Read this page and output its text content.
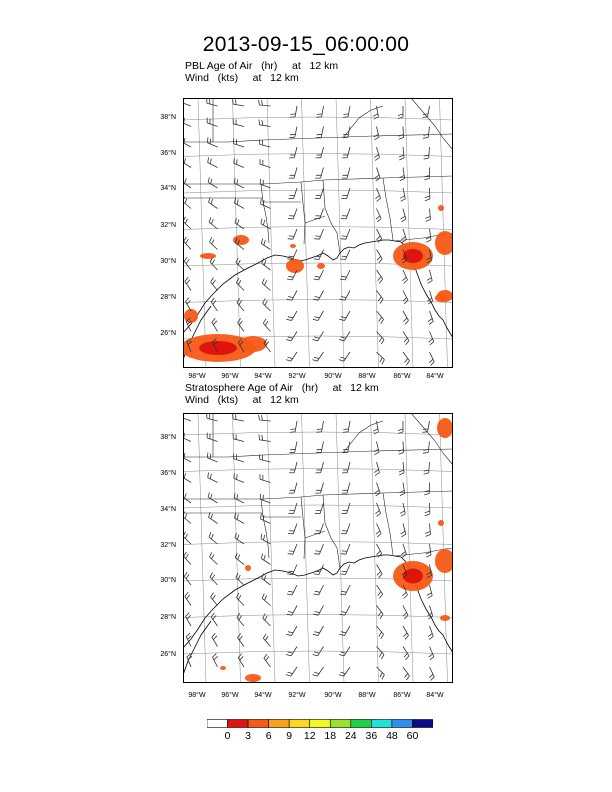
2013-09-15_06:00:00
PBL Age of Air   (hr)     at   12 km
Wind   (kts)     at   12 km
Stratosphere Age of Air   (hr)     at   12 km
Wind   (kts)     at   12 km
38°N
36°N
34°N
32°N
30°N
28°N
26°N
98°W	96°W	94°W	92°W	90°W	88°W	86°W	84°W
38°N
36°N
34°N
32°N
30°N
28°N
26°N
98°W	96°W	94°W	92°W	90°W	88°W	86°W	84°W
0	3	6	9	12 18 24 36 48 60
